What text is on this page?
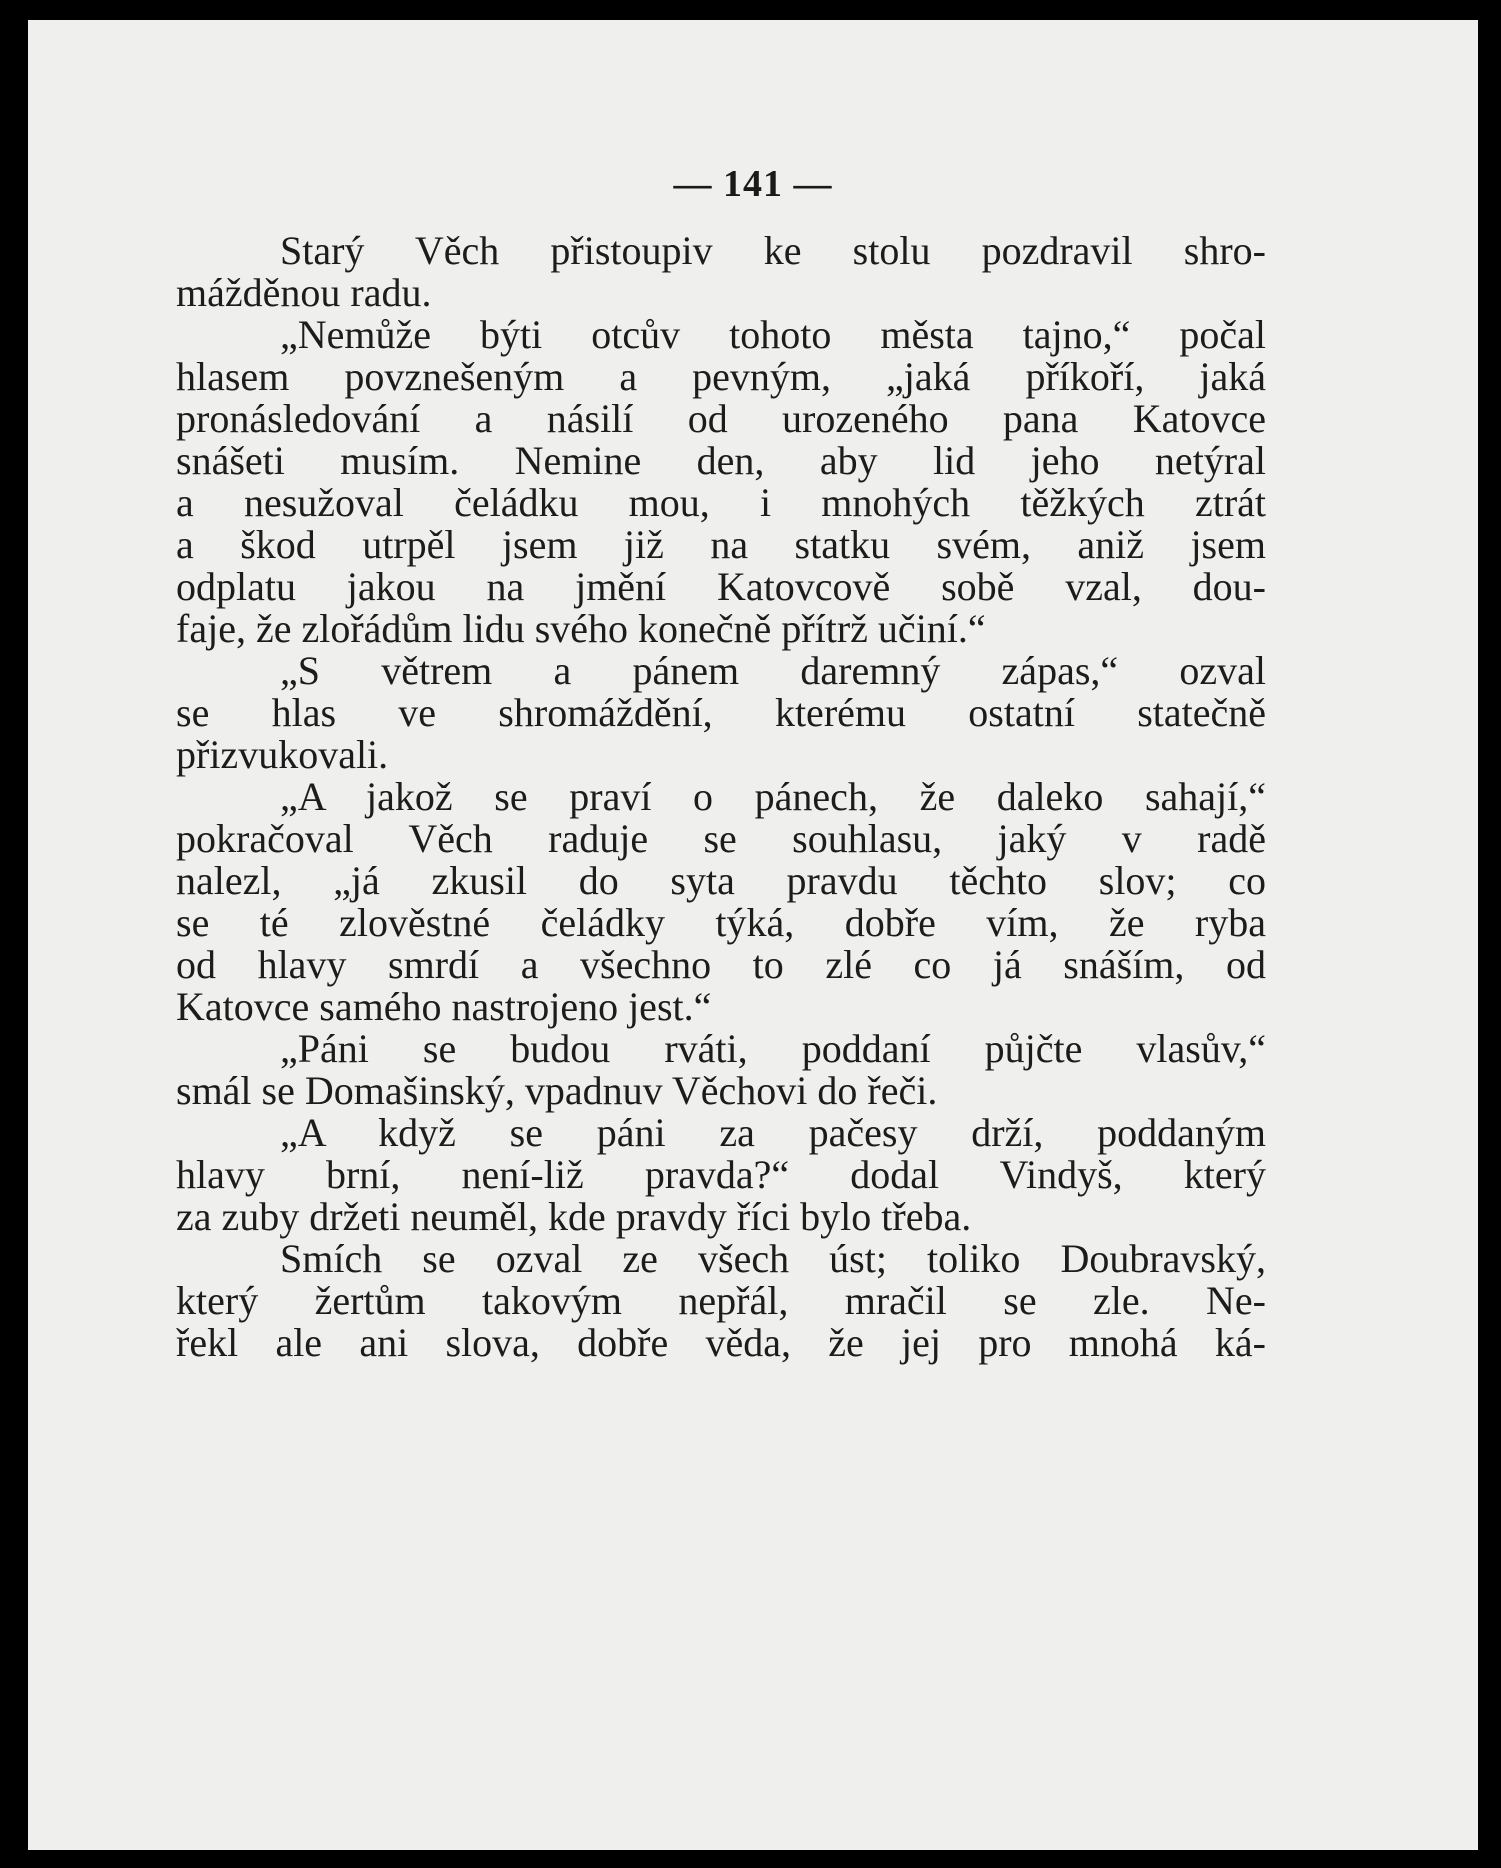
— 141 —
Starý Věch přistoupiv ke stolu pozdravil shro-
mážděnou radu.
„Nemůže býti otcův tohoto města tajno,“ počal
hlasem povznešeným a pevným, „jaká příkoří, jaká
pronásledování a násilí od urozeného pana Katovce
snášeti musím. Nemine den, aby lid jeho netýral
a nesužoval čeládku mou, i mnohých těžkých ztrát
a škod utrpěl jsem již na statku svém, aniž jsem
odplatu jakou na jmění Katovcově sobě vzal, dou-
faje, že zlořádům lidu svého konečně přítrž učiní.“
„S větrem a pánem daremný zápas,“ ozval
se hlas ve shromáždění, kterému ostatní statečně
přizvukovali.
„A jakož se praví o pánech, že daleko sahají,“
pokračoval Věch raduje se souhlasu, jaký v radě
nalezl, „já zkusil do syta pravdu těchto slov; co
se té zlověstné čeládky týká, dobře vím, že ryba
od hlavy smrdí a všechno to zlé co já snáším, od
Katovce samého nastrojeno jest.“
„Páni se budou rváti, poddaní půjčte vlasův,“
smál se Domašinský, vpadnuv Věchovi do řeči.
„A když se páni za pačesy drží, poddaným
hlavy brní, není-liž pravda?“ dodal Vindyš, který
za zuby držeti neuměl, kde pravdy říci bylo třeba.
Smích se ozval ze všech úst; toliko Doubravský,
který žertům takovým nepřál, mračil se zle. Ne-
řekl ale ani slova, dobře věda, že jej pro mnohá ká-
